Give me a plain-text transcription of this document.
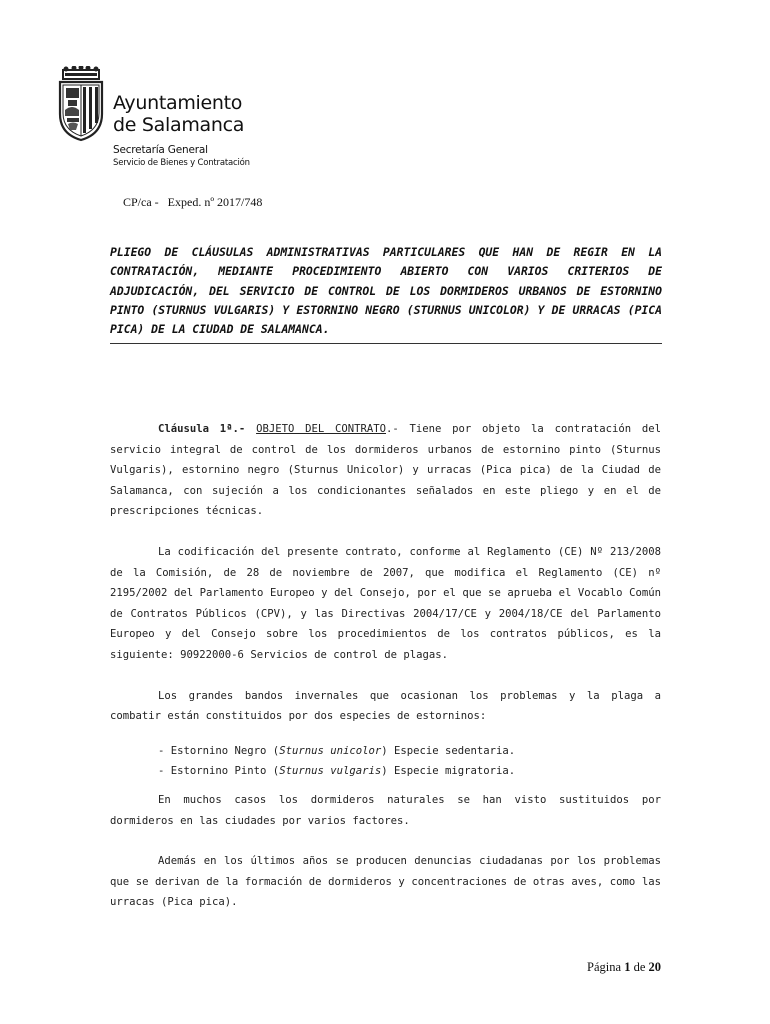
Ayuntamiento
de Salamanca
Secretaría General
Servicio de Bienes y Contratación
CP/ca - Exped. nº 2017/748
PLIEGO DE CLÁUSULAS ADMINISTRATIVAS PARTICULARES QUE HAN DE REGIR EN LA CONTRATACIÓN, MEDIANTE PROCEDIMIENTO ABIERTO CON VARIOS CRITERIOS DE ADJUDICACIÓN, DEL SERVICIO DE CONTROL DE LOS DORMIDEROS URBANOS DE ESTORNINO PINTO (STURNUS VULGARIS) Y ESTORNINO NEGRO (STURNUS UNICOLOR) Y DE URRACAS (PICA PICA) DE LA CIUDAD DE SALAMANCA.

Cláusula 1ª.- OBJETO DEL CONTRATO.- Tiene por objeto la contratación del servicio integral de control de los dormideros urbanos de estornino pinto (Sturnus Vulgaris), estornino negro (Sturnus Unicolor) y urracas (Pica pica) de la Ciudad de Salamanca, con sujeción a los condicionantes señalados en este pliego y en el de prescripciones técnicas.

La codificación del presente contrato, conforme al Reglamento (CE) Nº 213/2008 de la Comisión, de 28 de noviembre de 2007, que modifica el Reglamento (CE) nº 2195/2002 del Parlamento Europeo y del Consejo, por el que se aprueba el Vocablo Común de Contratos Públicos (CPV), y las Directivas 2004/17/CE y 2004/18/CE del Parlamento Europeo y del Consejo sobre los procedimientos de los contratos públicos, es la siguiente: 90922000-6 Servicios de control de plagas.

Los grandes bandos invernales que ocasionan los problemas y la plaga a combatir están constituidos por dos especies de estorninos:

- Estornino Negro (Sturnus unicolor) Especie sedentaria.

- Estornino Pinto (Sturnus vulgaris) Especie migratoria.

En muchos casos los dormideros naturales se han visto sustituidos por dormideros en las ciudades por varios factores.

Además en los últimos años se producen denuncias ciudadanas por los problemas que se derivan de la formación de dormideros y concentraciones de otras aves, como las urracas (Pica pica).

Página 1 de 20
